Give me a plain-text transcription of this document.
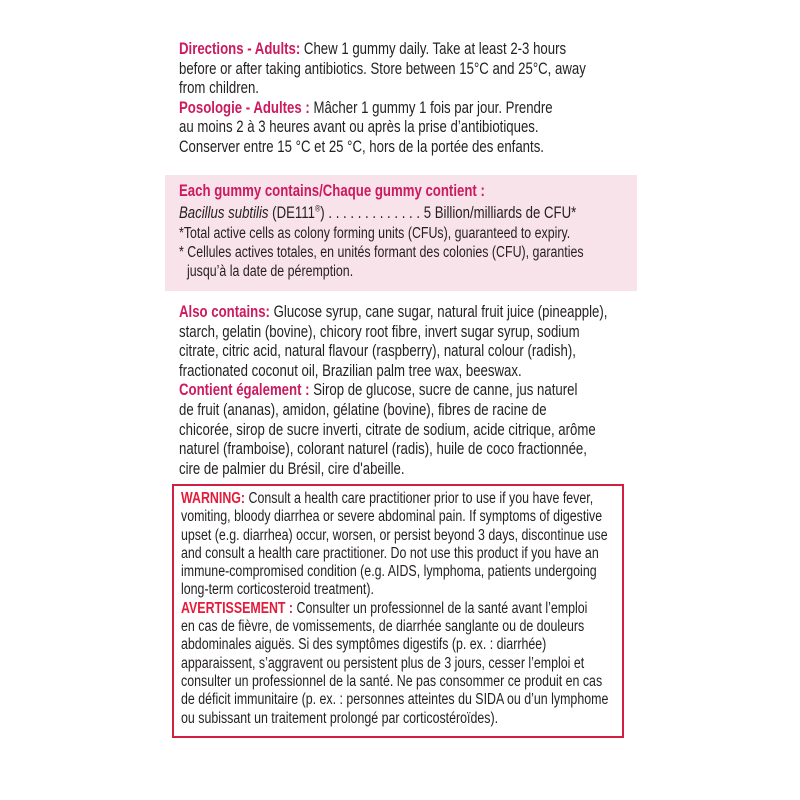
Directions - Adults: Chew 1 gummy daily. Take at least 2-3 hours
before or after taking antibiotics. Store between 15°C and 25°C, away
from children.
Posologie - Adultes : Mâcher 1 gummy 1 fois par jour. Prendre
au moins 2 à 3 heures avant ou après la prise d’antibiotiques.
Conserver entre 15 °C et 25 °C, hors de la portée des enfants.
Each gummy contains/Chaque gummy contient :
Bacillus subtilis (DE111®) . . . . . . . . . . . . . 5 Billion/milliards de CFU*
*Total active cells as colony forming units (CFUs), guaranteed to expiry.
* Cellules actives totales, en unités formant des colonies (CFU), garanties
jusqu’à la date de péremption.
Also contains: Glucose syrup, cane sugar, natural fruit juice (pineapple),
starch, gelatin (bovine), chicory root fibre, invert sugar syrup, sodium
citrate, citric acid, natural flavour (raspberry), natural colour (radish),
fractionated coconut oil, Brazilian palm tree wax, beeswax.
Contient également : Sirop de glucose, sucre de canne, jus naturel
de fruit (ananas), amidon, gélatine (bovine), fibres de racine de
chicorée, sirop de sucre inverti, citrate de sodium, acide citrique, arôme
naturel (framboise), colorant naturel (radis), huile de coco fractionnée,
cire de palmier du Brésil, cire d'abeille.
WARNING: Consult a health care practitioner prior to use if you have fever,
vomiting, bloody diarrhea or severe abdominal pain. If symptoms of digestive
upset (e.g. diarrhea) occur, worsen, or persist beyond 3 days, discontinue use
and consult a health care practitioner. Do not use this product if you have an
immune-compromised condition (e.g. AIDS, lymphoma, patients undergoing
long-term corticosteroid treatment).
AVERTISSEMENT : Consulter un professionnel de la santé avant l’emploi
en cas de fièvre, de vomissements, de diarrhée sanglante ou de douleurs
abdominales aiguës. Si des symptômes digestifs (p. ex. : diarrhée)
apparaissent, s’aggravent ou persistent plus de 3 jours, cesser l’emploi et
consulter un professionnel de la santé. Ne pas consommer ce produit en cas
de déficit immunitaire (p. ex. : personnes atteintes du SIDA ou d’un lymphome
ou subissant un traitement prolongé par corticostéroïdes).
